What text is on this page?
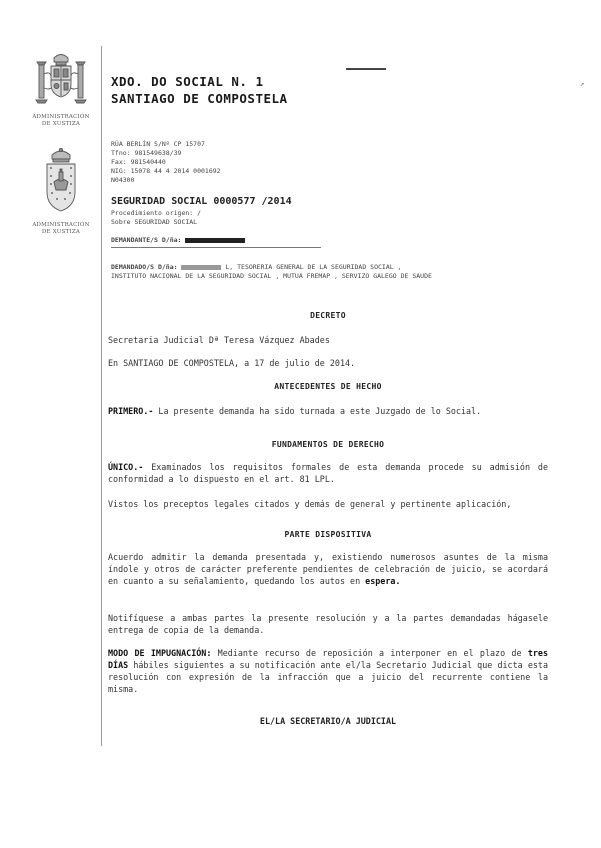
ADMINISTRACIÓN
DE XUSTIZA
ADMINISTRACIÓN
DE XUSTIZA
XDO. DO SOCIAL N. 1
SANTIAGO DE COMPOSTELA
↗
RÚA BERLÍN S/Nº CP 15707
Tfno: 981549638/39
Fax: 981540440
NIG: 15078 44 4 2014 0001692
N04300
SEGURIDAD SOCIAL 0000577 /2014
Procedimiento origen: /
Sobre SEGURIDAD SOCIAL
DEMANDANTE/S D/ña:
DEMANDADO/S D/ña:	L, TESORERIA GENERAL DE LA SEGURIDAD SOCIAL ,
INSTITUTO NACIONAL DE LA SEGURIDAD SOCIAL , MUTUA FREMAP , SERVIZO GALEGO DE SAUDE
DECRETO
Secretaria Judicial Dª Teresa Vázquez Abades
En SANTIAGO DE COMPOSTELA, a 17 de julio de 2014.
ANTECEDENTES DE HECHO
PRIMERO.- La presente demanda ha sido turnada a este Juzgado de lo Social.
FUNDAMENTOS DE DERECHO
ÚNICO.- Examinados los requisitos formales de esta demanda procede su admisión de conformidad a lo dispuesto en el art. 81 LPL.
Vistos los preceptos legales citados y demás de general y pertinente aplicación,
PARTE DISPOSITIVA
Acuerdo admitir la demanda presentada y, existiendo numerosos asuntes de la misma índole y otros de carácter preferente pendientes de celebración de juicio, se acordará en cuanto a su señalamiento, quedando los autos en espera.
Notifíquese a ambas partes la presente resolución y a la partes demandadas hágasele entrega de copia de la demanda.
MODO DE IMPUGNACIÓN: Mediante recurso de reposición a interponer en el plazo de tres DÍAS hábiles siguientes a su notificación ante el/la Secretario Judicial que dicta esta resolución con expresión de la infracción que a juicio del recurrente contiene la misma.
EL/LA SECRETARIO/A JUDICIAL
